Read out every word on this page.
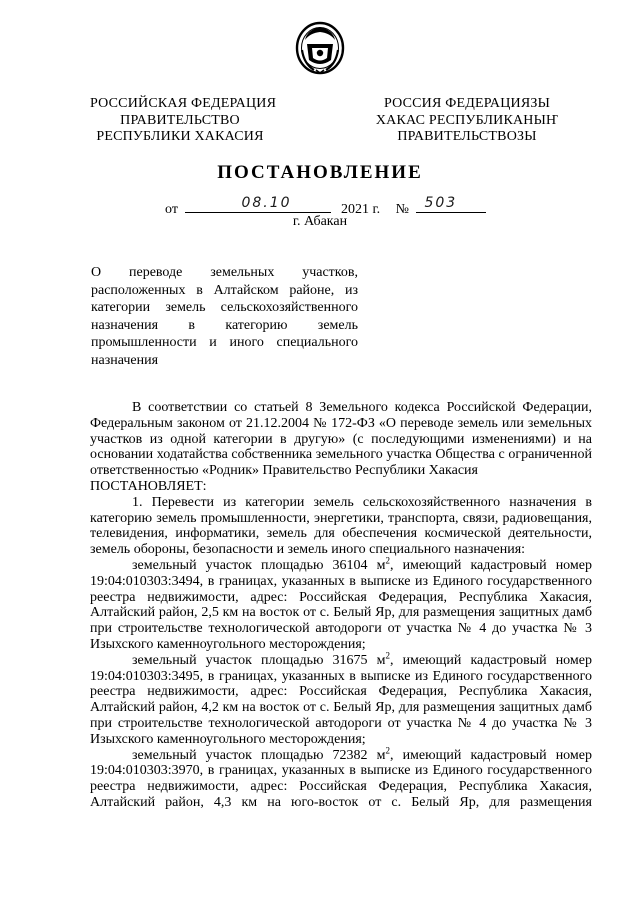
РОССИЙСКАЯ ФЕДЕРАЦИЯ
ПРАВИТЕЛЬСТВО
РЕСПУБЛИКИ ХАКАСИЯ
РОССИЯ ФЕДЕРАЦИЯЗЫ
ХАКАС РЕСПУБЛИКАНЫҤ
ПРАВИТЕЛЬСТВОЗЫ
ПОСТАНОВЛЕНИЕ
от	08.10	2021 г. № 503
г. Абакан
О переводе земельных участков, расположенных в Алтайском районе, из категории земель сельскохозяйственного назначения в категорию земель промышленности и иного специального назначения

В соответствии со статьей 8 Земельного кодекса Российской Федерации, Федеральным законом от 21.12.2004 № 172-ФЗ «О переводе земель или земельных участков из одной категории в другую» (с последующими изменениями) и на основании ходатайства собственника земельного участка Общества с ограниченной ответственностью «Родник» Правительство Республики Хакасия

ПОСТАНОВЛЯЕТ:

1. Перевести из категории земель сельскохозяйственного назначения в категорию земель промышленности, энергетики, транспорта, связи, радиовещания, телевидения, информатики, земель для обеспечения космической деятельности, земель обороны, безопасности и земель иного специального назначения:

земельный участок площадью 36104 $м^2$, имеющий кадастровый номер 19:04:010303:3494, в границах, указанных в выписке из Единого государственного реестра недвижимости, адрес: Российская Федерация, Республика Хакасия, Алтайский район, 2,5 км на восток от с. Белый Яр, для размещения защитных дамб при строительстве технологической автодороги от участка № 4 до участка № 3 Изыхского каменноугольного месторождения;

земельный участок площадью 31675 $м^2$, имеющий кадастровый номер 19:04:010303:3495, в границах, указанных в выписке из Единого государственного реестра недвижимости, адрес: Российская Федерация, Республика Хакасия, Алтайский район, 4,2 км на восток от с. Белый Яр, для размещения защитных дамб при строительстве технологической автодороги от участка № 4 до участка № 3 Изыхского каменноугольного месторождения;

земельный участок площадью 72382 $м^2$, имеющий кадастровый номер 19:04:010303:3970, в границах, указанных в выписке из Единого государственного реестра недвижимости, адрес: Российская Федерация, Республика Хакасия, Алтайский район, 4,3 км на юго-восток от с. Белый Яр, для размещения
